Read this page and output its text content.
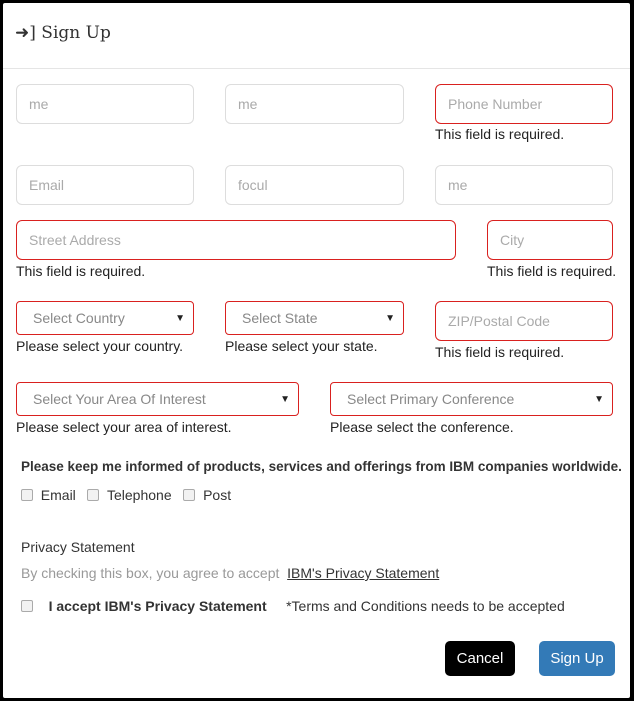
➜] Sign Up
me	me	Phone Number
This field is required.
Email	focul	me
Street Address
This field is required.
City
This field is required.
Select Country	▼
Please select your country.
Select State	▼
Please select your state.
ZIP/Postal Code
This field is required.
Select Your Area Of Interest	▼
Please select your area of interest.
Select Primary Conference	▼
Please select the conference.
Please keep me informed of products, services and offerings from IBM companies worldwide.
Email Telephone Post
Privacy Statement
By checking this box, you agree to accept IBM's Privacy Statement
I accept IBM's Privacy Statement *Terms and Conditions needs to be accepted
Cancel	Sign Up
